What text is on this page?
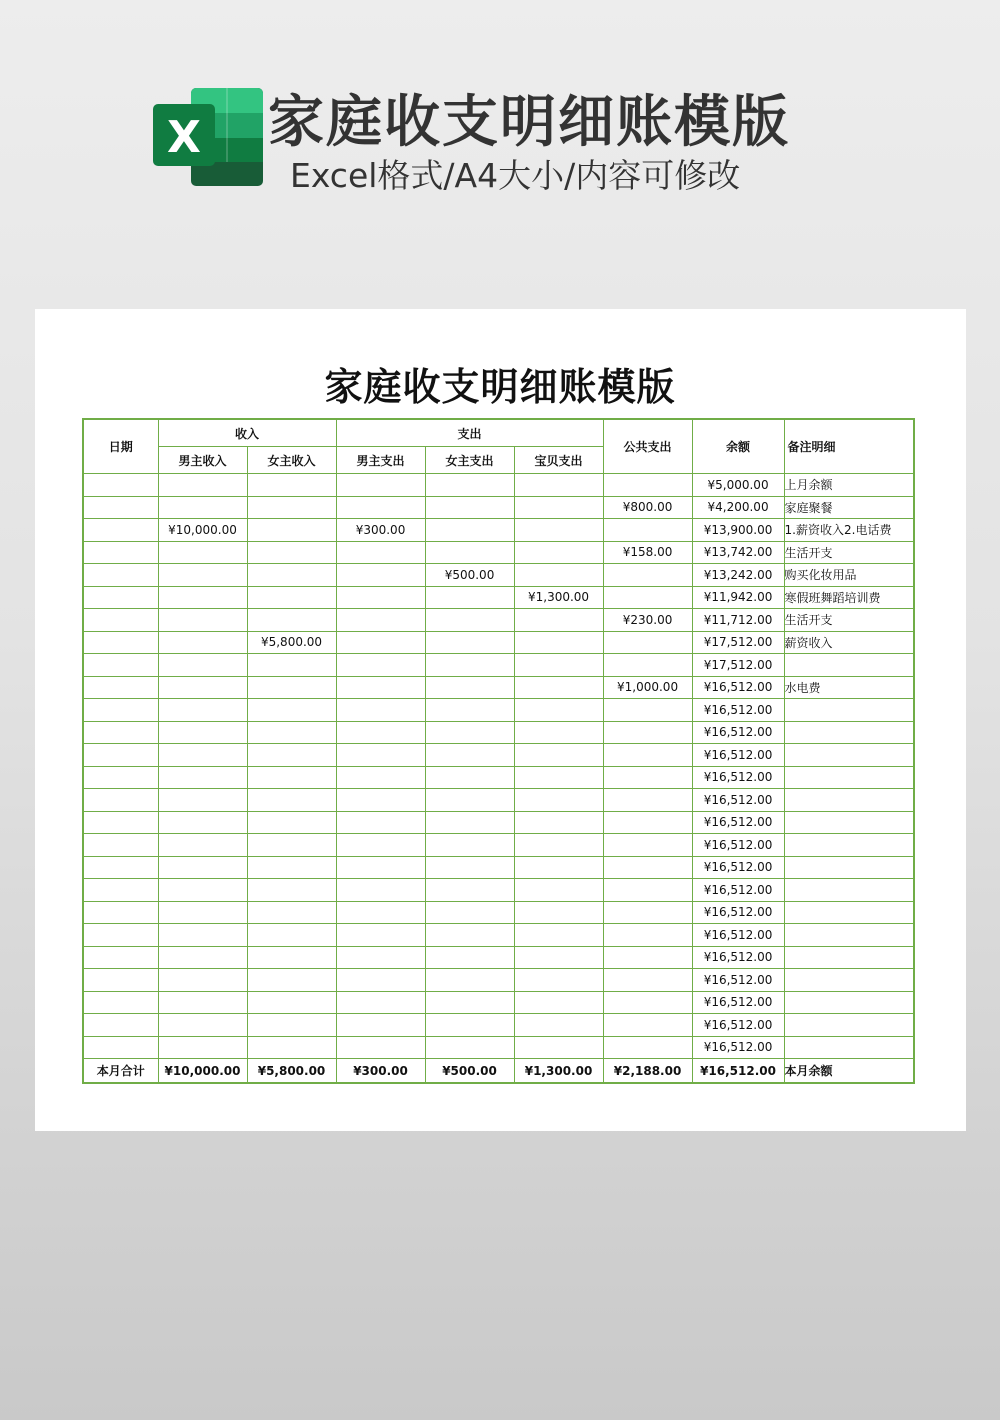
X 家庭收支明细账模版
Excel格式/A4大小/内容可修改
家庭收支明细账模版
日期	收入		支出			公共支出	余额	备注明细
	男主收入	女主收入	男主支出	女主支出	宝贝支出			
							¥5,000.00	上月余额
						¥800.00	¥4,200.00	家庭聚餐
	¥10,000.00		¥300.00				¥13,900.00	1.薪资收入2.电话费
						¥158.00	¥13,742.00	生活开支
				¥500.00			¥13,242.00	购买化妆用品
					¥1,300.00		¥11,942.00	寒假班舞蹈培训费
						¥230.00	¥11,712.00	生活开支
		¥5,800.00					¥17,512.00	薪资收入
							¥17,512.00	
						¥1,000.00	¥16,512.00	水电费
							¥16,512.00	
							¥16,512.00	
							¥16,512.00	
							¥16,512.00	
							¥16,512.00	
							¥16,512.00	
							¥16,512.00	
							¥16,512.00	
							¥16,512.00	
							¥16,512.00	
							¥16,512.00	
							¥16,512.00	
							¥16,512.00	
							¥16,512.00	
							¥16,512.00	
							¥16,512.00	
本月合计	¥10,000.00	¥5,800.00	¥300.00	¥500.00	¥1,300.00	¥2,188.00	¥16,512.00	本月余额
